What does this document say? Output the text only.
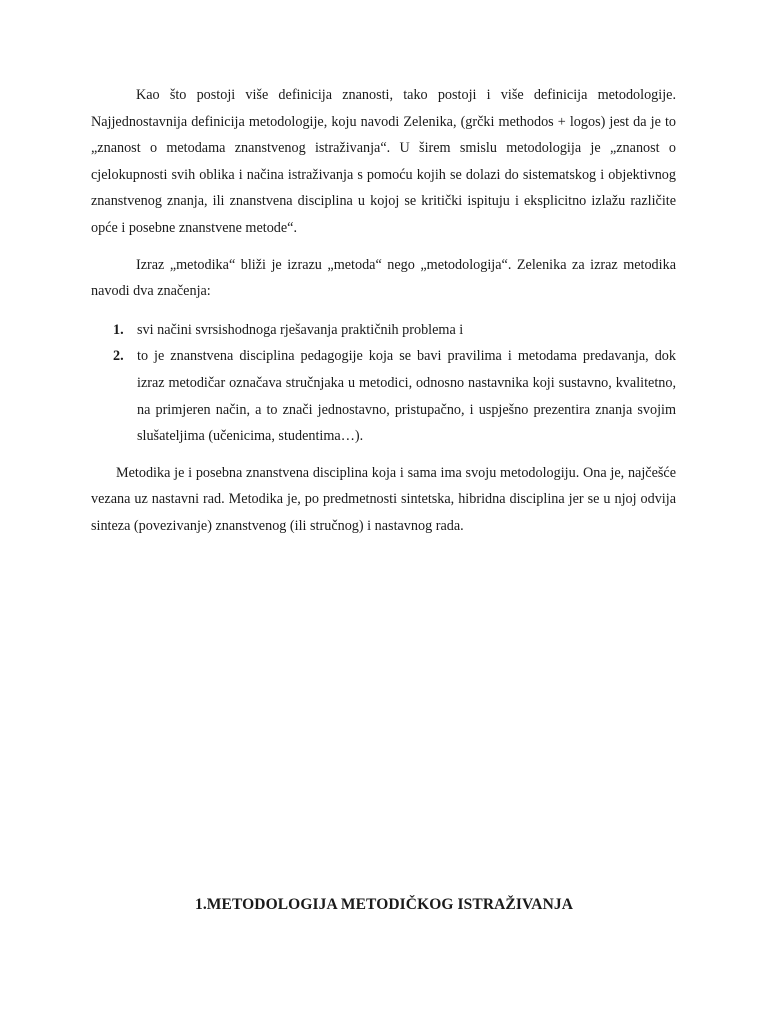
Kao što postoji više definicija znanosti, tako postoji i više definicija metodologije. Najjednostavnija definicija metodologije, koju navodi Zelenika, (grčki methodos + logos) jest da je to „znanost o metodama znanstvenog istraživanja“. U širem smislu metodologija je „znanost o cjelokupnosti svih oblika i načina istraživanja s pomoću kojih se dolazi do sistematskog i objektivnog znanstvenog znanja, ili znanstvena disciplina u kojoj se kritički ispituju i eksplicitno izlažu različite opće i posebne znanstvene metode“.

Izraz „metodika“ bliži je izrazu „metoda“ nego „metodologija“. Zelenika za izraz metodika navodi dva značenja:

1. svi načini svrsishodnoga rješavanja praktičnih problema i
2. to je znanstvena disciplina pedagogije koja se bavi pravilima i metodama predavanja, dok izraz metodičar označava stručnjaka u metodici, odnosno nastavnika koji sustavno, kvalitetno, na primjeren način, a to znači jednostavno, pristupačno, i uspješno prezentira znanja svojim slušateljima (učenicima, studentima…).

Metodika je i posebna znanstvena disciplina koja i sama ima svoju metodologiju. Ona je, najčešće vezana uz nastavni rad. Metodika je, po predmetnosti sintetska, hibridna disciplina jer se u njoj odvija sinteza (povezivanje) znanstvenog (ili stručnog) i nastavnog rada.

1.METODOLOGIJA METODIČKOG ISTRAŽIVANJA
